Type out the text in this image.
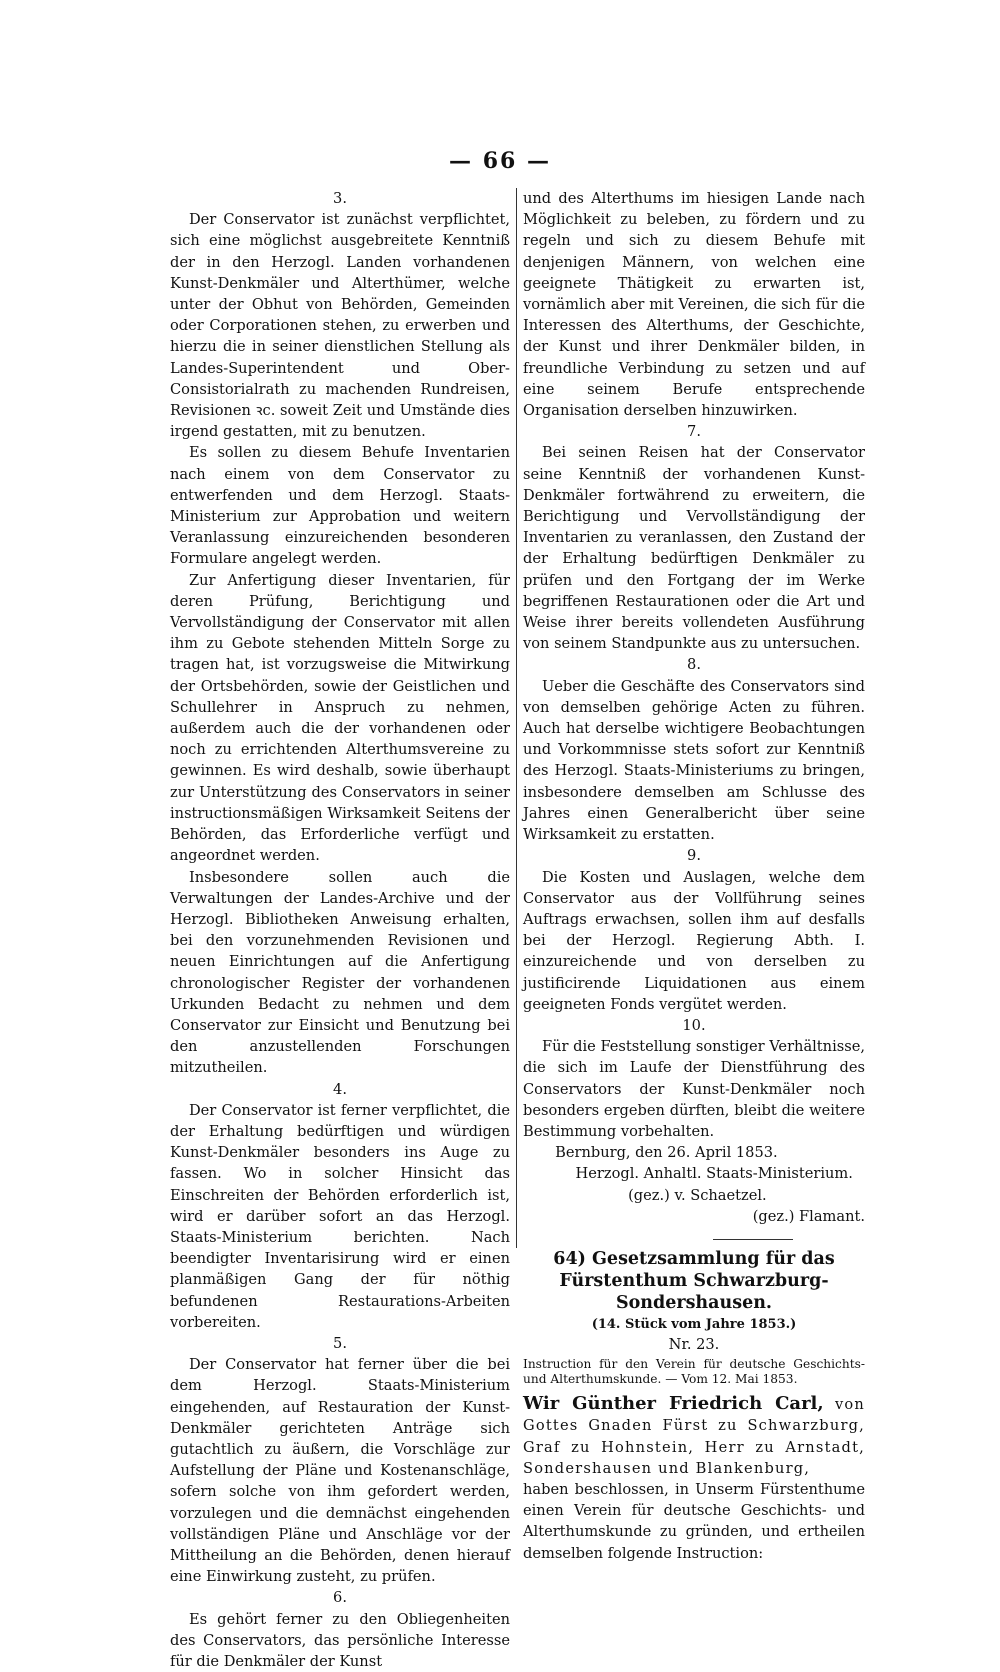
— 66 —
3.

Der Conservator ist zunächst verpflichtet, sich eine möglichst ausgebreitete Kenntniß der in den Herzogl. Landen vorhandenen Kunst-Denkmäler und Alterthümer, welche unter der Obhut von Behörden, Gemeinden oder Corporationen stehen, zu erwerben und hierzu die in seiner dienstlichen Stellung als Landes-Superintendent und Ober-Consistorialrath zu machenden Rundreisen, Revisionen ꝛc. soweit Zeit und Umstände dies irgend gestatten, mit zu benutzen.

Es sollen zu diesem Behufe Inventarien nach einem von dem Conservator zu entwerfenden und dem Herzogl. Staats-Ministerium zur Approbation und weitern Veranlassung einzureichenden besonderen Formulare angelegt werden.

Zur Anfertigung dieser Inventarien, für deren Prüfung, Berichtigung und Vervollständigung der Conservator mit allen ihm zu Gebote stehenden Mitteln Sorge zu tragen hat, ist vorzugsweise die Mitwirkung der Ortsbehörden, sowie der Geistlichen und Schullehrer in Anspruch zu nehmen, außerdem auch die der vorhandenen oder noch zu errichtenden Alterthumsvereine zu gewinnen. Es wird deshalb, sowie überhaupt zur Unterstützung des Conservators in seiner instructionsmäßigen Wirksamkeit Seitens der Behörden, das Erforderliche verfügt und angeordnet werden.

Insbesondere sollen auch die Verwaltungen der Landes-Archive und der Herzogl. Bibliotheken Anweisung erhalten, bei den vorzunehmenden Revisionen und neuen Einrichtungen auf die Anfertigung chronologischer Register der vorhandenen Urkunden Bedacht zu nehmen und dem Conservator zur Einsicht und Benutzung bei den anzustellenden Forschungen mitzutheilen.

4.

Der Conservator ist ferner verpflichtet, die der Erhaltung bedürftigen und würdigen Kunst-Denkmäler besonders ins Auge zu fassen. Wo in solcher Hinsicht das Einschreiten der Behörden erforderlich ist, wird er darüber sofort an das Herzogl. Staats-Ministerium berichten. Nach beendigter Inventarisirung wird er einen planmäßigen Gang der für nöthig befundenen Restaurations-Arbeiten vorbereiten.

5.

Der Conservator hat ferner über die bei dem Herzogl. Staats-Ministerium eingehenden, auf Restauration der Kunst-Denkmäler gerichteten Anträge sich gutachtlich zu äußern, die Vorschläge zur Aufstellung der Pläne und Kostenanschläge, sofern solche von ihm gefordert werden, vorzulegen und die demnächst eingehenden vollständigen Pläne und Anschläge vor der Mittheilung an die Behörden, denen hierauf eine Einwirkung zusteht, zu prüfen.

6.

Es gehört ferner zu den Obliegenheiten des Conservators, das persönliche Interesse für die Denkmäler der Kunst

und des Alterthums im hiesigen Lande nach Möglichkeit zu beleben, zu fördern und zu regeln und sich zu diesem Behufe mit denjenigen Männern, von welchen eine geeignete Thätigkeit zu erwarten ist, vornämlich aber mit Vereinen, die sich für die Interessen des Alterthums, der Geschichte, der Kunst und ihrer Denkmäler bilden, in freundliche Verbindung zu setzen und auf eine seinem Berufe entsprechende Organisation derselben hinzuwirken.

7.

Bei seinen Reisen hat der Conservator seine Kenntniß der vorhandenen Kunst-Denkmäler fortwährend zu erweitern, die Berichtigung und Vervollständigung der Inventarien zu veranlassen, den Zustand der der Erhaltung bedürftigen Denkmäler zu prüfen und den Fortgang der im Werke begriffenen Restaurationen oder die Art und Weise ihrer bereits vollendeten Ausführung von seinem Standpunkte aus zu untersuchen.

8.

Ueber die Geschäfte des Conservators sind von demselben gehörige Acten zu führen. Auch hat derselbe wichtigere Beobachtungen und Vorkommnisse stets sofort zur Kenntniß des Herzogl. Staats-Ministeriums zu bringen, insbesondere demselben am Schlusse des Jahres einen Generalbericht über seine Wirksamkeit zu erstatten.

9.

Die Kosten und Auslagen, welche dem Conservator aus der Vollführung seines Auftrags erwachsen, sollen ihm auf desfalls bei der Herzogl. Regierung Abth. I. einzureichende und von derselben zu justificirende Liquidationen aus einem geeigneten Fonds vergütet werden.

10.

Für die Feststellung sonstiger Verhältnisse, die sich im Laufe der Dienstführung des Conservators der Kunst-Denkmäler noch besonders ergeben dürften, bleibt die weitere Bestimmung vorbehalten.

Bernburg, den 26. April 1853.
Herzogl. Anhaltl. Staats-Ministerium.
(gez.) v. Schaetzel.
(gez.) Flamant.
64) Gesetzsammlung für das Fürstenthum Schwarzburg-Sondershausen.
(14. Stück vom Jahre 1853.)
Nr. 23.

Instruction für den Verein für deutsche Geschichts- und Alterthumskunde. — Vom 12. Mai 1853.

Wir Günther Friedrich Carl, von Gottes Gnaden Fürst zu Schwarzburg, Graf zu Hohnstein, Herr zu Arnstadt, Sondershausen und Blankenburg,

haben beschlossen, in Unserm Fürstenthume einen Verein für deutsche Geschichts- und Alterthumskunde zu gründen, und ertheilen demselben folgende Instruction:
